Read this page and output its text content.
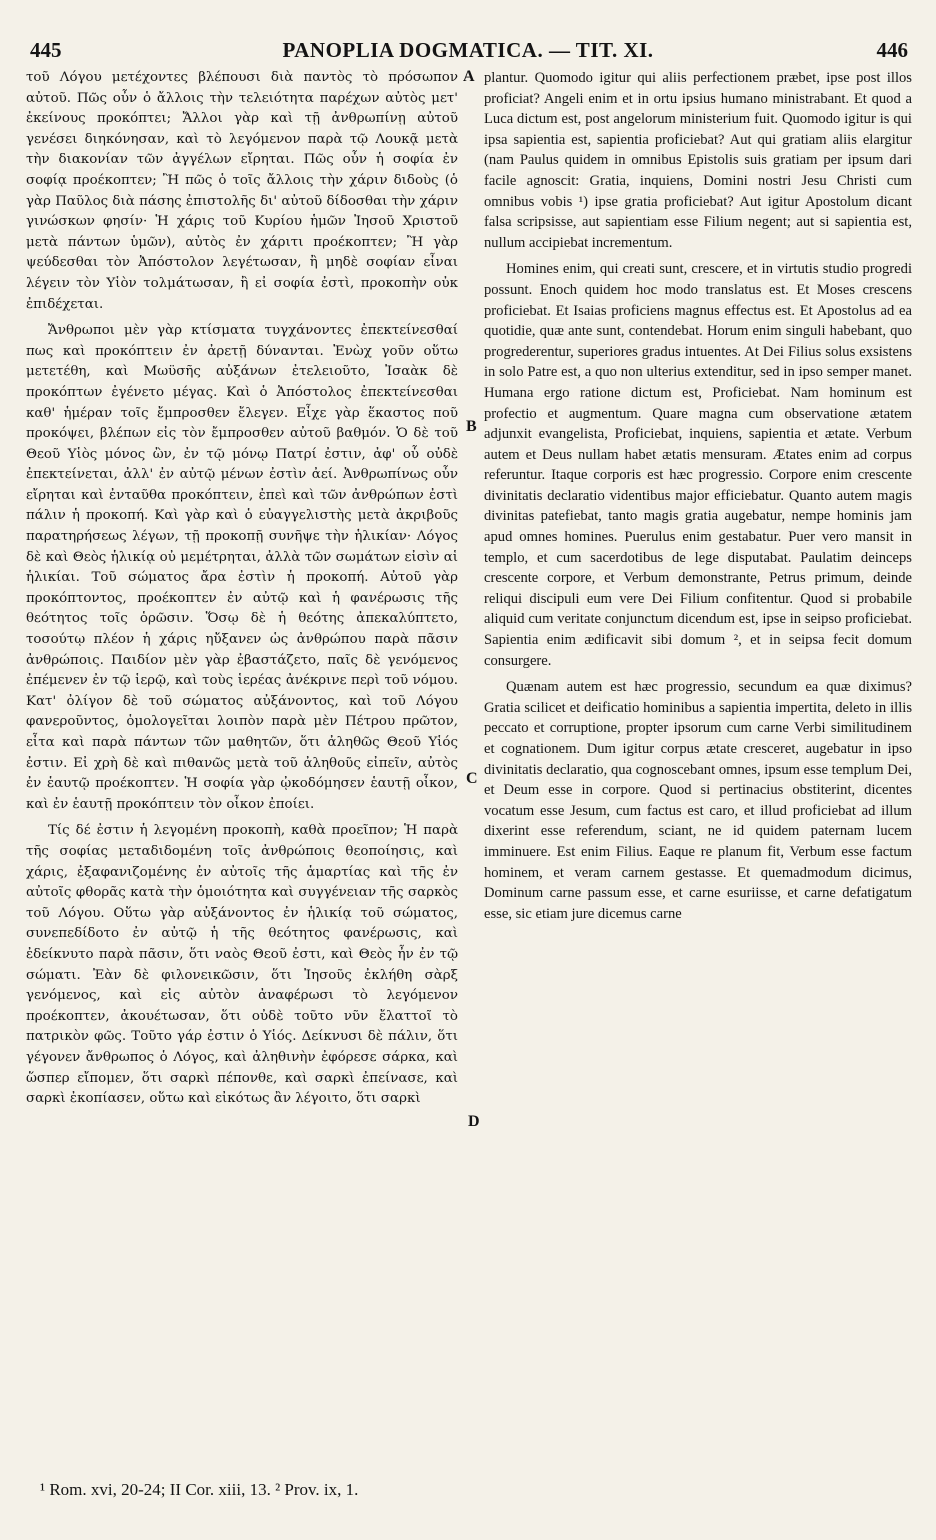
445	PANOPLIA DOGMATICA. — TIT. XI.	446

τοῦ Λόγου μετέχοντες βλέπουσι διὰ παντὸς τὸ πρόσωπον αὐτοῦ. Πῶς οὖν ὁ ἄλλοις τὴν τελειότητα παρέχων αὐτὸς μετ' ἐκείνους προκόπτει; Ἄλλοι γὰρ καὶ τῇ ἀνθρωπίνῃ αὐτοῦ γενέσει διηκόνησαν, καὶ τὸ λεγόμενον παρὰ τῷ Λουκᾷ μετὰ τὴν διακονίαν τῶν ἀγγέλων εἴρηται. Πῶς οὖν ἡ σοφία ἐν σοφίᾳ προέκοπτεν; Ἢ πῶς ὁ τοῖς ἄλλοις τὴν χάριν διδοὺς (ὁ γὰρ Παῦλος διὰ πάσης ἐπιστολῆς δι' αὐτοῦ δίδοσθαι τὴν χάριν γινώσκων φησίν· Ἡ χάρις τοῦ Κυρίου ἡμῶν Ἰησοῦ Χριστοῦ μετὰ πάντων ὑμῶν), αὐτὸς ἐν χάριτι προέκοπτεν; Ἢ γὰρ ψεύδεσθαι τὸν Ἀπόστολον λεγέτωσαν, ἢ μηδὲ σοφίαν εἶναι λέγειν τὸν Υἱὸν τολμάτωσαν, ἢ εἰ σοφία ἐστὶ, προκοπὴν οὐκ ἐπιδέχεται.

Ἄνθρωποι μὲν γὰρ κτίσματα τυγχάνοντες ἐπεκτείνεσθαί πως καὶ προκόπτειν ἐν ἀρετῇ δύνανται. Ἐνὼχ γοῦν οὕτω μετετέθη, καὶ Μωϋσῆς αὐξάνων ἐτελειοῦτο, Ἰσαὰκ δὲ προκόπτων ἐγένετο μέγας. Καὶ ὁ Ἀπόστολος ἐπεκτείνεσθαι καθ' ἡμέραν τοῖς ἔμπροσθεν ἔλεγεν. Εἶχε γὰρ ἕκαστος ποῦ προκόψει, βλέπων εἰς τὸν ἔμπροσθεν αὐτοῦ βαθμόν. Ὁ δὲ τοῦ Θεοῦ Υἱὸς μόνος ὢν, ἐν τῷ μόνῳ Πατρί ἐστιν, ἀφ' οὗ οὐδὲ ἐπεκτείνεται, ἀλλ' ἐν αὐτῷ μένων ἐστὶν ἀεί. Ἀνθρωπίνως οὖν εἴρηται καὶ ἐνταῦθα προκόπτειν, ἐπεὶ καὶ τῶν ἀνθρώπων ἐστὶ πάλιν ἡ προκοπή. Καὶ γὰρ καὶ ὁ εὐαγγελιστὴς μετὰ ἀκριβοῦς παρατηρήσεως λέγων, τῇ προκοπῇ συνῆψε τὴν ἡλικίαν· Λόγος δὲ καὶ Θεὸς ἡλικίᾳ οὐ μεμέτρηται, ἀλλὰ τῶν σωμάτων εἰσὶν αἱ ἡλικίαι. Τοῦ σώματος ἄρα ἐστὶν ἡ προκοπή. Αὐτοῦ γὰρ προκόπτοντος, προέκοπτεν ἐν αὐτῷ καὶ ἡ φανέρωσις τῆς θεότητος τοῖς ὁρῶσιν. Ὅσῳ δὲ ἡ θεότης ἀπεκαλύπτετο, τοσούτῳ πλέον ἡ χάρις ηὔξανεν ὡς ἀνθρώπου παρὰ πᾶσιν ἀνθρώποις. Παιδίον μὲν γὰρ ἐβαστάζετο, παῖς δὲ γενόμενος ἐπέμενεν ἐν τῷ ἱερῷ, καὶ τοὺς ἱερέας ἀνέκρινε περὶ τοῦ νόμου. Κατ' ὀλίγον δὲ τοῦ σώματος αὐξάνοντος, καὶ τοῦ Λόγου φανεροῦντος, ὁμολογεῖται λοιπὸν παρὰ μὲν Πέτρου πρῶτον, εἶτα καὶ παρὰ πάντων τῶν μαθητῶν, ὅτι ἀληθῶς Θεοῦ Υἱός ἐστιν. Εἰ χρὴ δὲ καὶ πιθανῶς μετὰ τοῦ ἀληθοῦς εἰπεῖν, αὐτὸς ἐν ἑαυτῷ προέκοπτεν. Ἡ σοφία γὰρ ᾠκοδόμησεν ἑαυτῇ οἶκον, καὶ ἐν ἑαυτῇ προκόπτειν τὸν οἶκον ἐποίει.

Τίς δέ ἐστιν ἡ λεγομένη προκοπὴ, καθὰ προεῖπον; Ἡ παρὰ τῆς σοφίας μεταδιδομένη τοῖς ἀνθρώποις θεοποίησις, καὶ χάρις, ἐξαφανιζομένης ἐν αὐτοῖς τῆς ἁμαρτίας καὶ τῆς ἐν αὐτοῖς φθορᾶς κατὰ τὴν ὁμοιότητα καὶ συγγένειαν τῆς σαρκὸς τοῦ Λόγου. Οὕτω γὰρ αὐξάνοντος ἐν ἡλικίᾳ τοῦ σώματος, συνεπεδίδοτο ἐν αὐτῷ ἡ τῆς θεότητος φανέρωσις, καὶ ἐδείκνυτο παρὰ πᾶσιν, ὅτι ναὸς Θεοῦ ἐστι, καὶ Θεὸς ἦν ἐν τῷ σώματι. Ἐὰν δὲ φιλονεικῶσιν, ὅτι Ἰησοῦς ἐκλήθη σὰρξ γενόμενος, καὶ εἰς αὐτὸν ἀναφέρωσι τὸ λεγόμενον προέκοπτεν, ἀκουέτωσαν, ὅτι οὐδὲ τοῦτο νῦν ἔλαττοῖ τὸ πατρικὸν φῶς. Τοῦτο γάρ ἐστιν ὁ Υἱός. Δείκνυσι δὲ πάλιν, ὅτι γέγονεν ἄνθρωπος ὁ Λόγος, καὶ ἀληθινὴν ἐφόρεσε σάρκα, καὶ ὥσπερ εἴπομεν, ὅτι σαρκὶ πέπονθε, καὶ σαρκὶ ἐπείνασε, καὶ σαρκὶ ἐκοπίασεν, οὕτω καὶ εἰκότως ἂν λέγοιτο, ὅτι σαρκὶ

A
B
C
D

plantur. Quomodo igitur qui aliis perfectionem præbet, ipse post illos proficiat? Angeli enim et in ortu ipsius humano ministrabant. Et quod a Luca dictum est, post angelorum ministerium fuit. Quomodo igitur is qui ipsa sapientia est, sapientia proficiebat? Aut qui gratiam aliis elargitur (nam Paulus quidem in omnibus Epistolis suis gratiam per ipsum dari facile agnoscit: Gratia, inquiens, Domini nostri Jesu Christi cum omnibus vobis ¹) ipse gratia proficiebat? Aut igitur Apostolum dicant falsa scripsisse, aut sapientiam esse Filium negent; aut si sapientia est, nullum accipiebat incrementum.

Homines enim, qui creati sunt, crescere, et in virtutis studio progredi possunt. Enoch quidem hoc modo translatus est. Et Moses crescens proficiebat. Et Isaias proficiens magnus effectus est. Et Apostolus ad ea quotidie, quæ ante sunt, contendebat. Horum enim singuli habebant, quo progrederentur, superiores gradus intuentes. At Dei Filius solus exsistens in solo Patre est, a quo non ulterius extenditur, sed in ipso semper manet. Humana ergo ratione dictum est, Proficiebat. Nam hominum est profectio et augmentum. Quare magna cum observatione ætatem adjunxit evangelista, Proficiebat, inquiens, sapientia et ætate. Verbum autem et Deus nullam habet ætatis mensuram. Ætates enim ad corpus referuntur. Itaque corporis est hæc progressio. Corpore enim crescente divinitatis declaratio videntibus major efficiebatur. Quanto autem magis divinitas patefiebat, tanto magis gratia augebatur, nempe hominis jam apud omnes homines. Puerulus enim gestabatur. Puer vero mansit in templo, et cum sacerdotibus de lege disputabat. Paulatim deinceps crescente corpore, et Verbum demonstrante, Petrus primum, deinde reliqui discipuli eum vere Dei Filium confitentur. Quod si probabile aliquid cum veritate conjunctum dicendum est, ipse in seipso proficiebat. Sapientia enim ædificavit sibi domum ², et in seipsa fecit domum consurgere.

Quænam autem est hæc progressio, secundum ea quæ diximus? Gratia scilicet et deificatio hominibus a sapientia impertita, deleto in illis peccato et corruptione, propter ipsorum cum carne Verbi similitudinem et cognationem. Dum igitur corpus ætate cresceret, augebatur in ipso divinitatis declaratio, qua cognoscebant omnes, ipsum esse templum Dei, et Deum esse in corpore. Quod si pertinacius obstiterint, dicentes vocatum esse Jesum, cum factus est caro, et illud proficiebat ad illum dixerint esse referendum, sciant, ne id quidem paternam lucem imminuere. Est enim Filius. Eaque re planum fit, Verbum esse factum hominem, et veram carnem gestasse. Et quemadmodum dicimus, Dominum carne passum esse, et carne esuriisse, et carne defatigatum esse, sic etiam jure dicemus carne

¹ Rom. xvi, 20-24; II Cor. xiii, 13. ² Prov. ix, 1.
